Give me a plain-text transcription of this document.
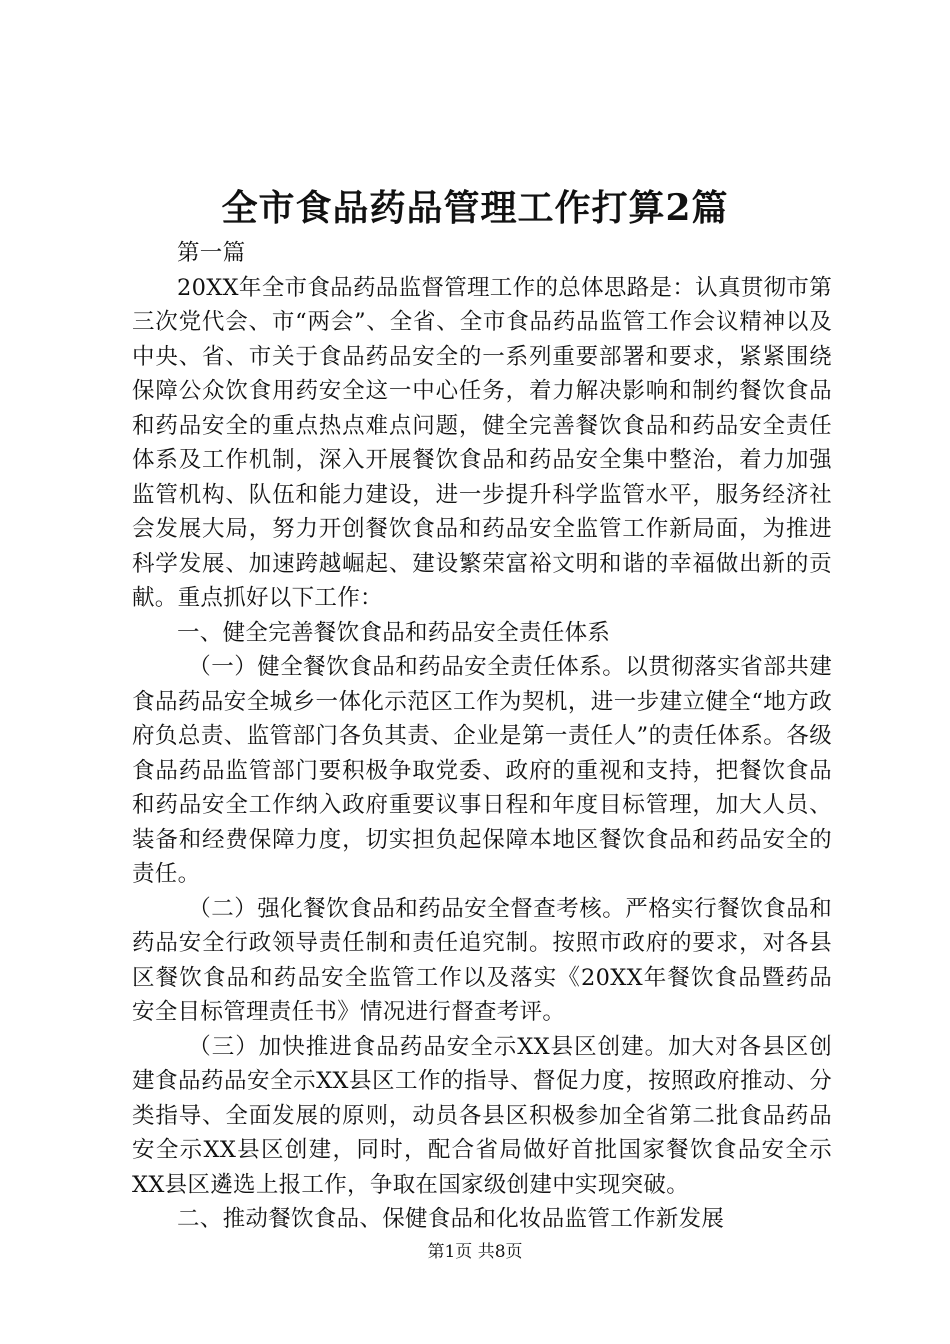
全市食品药品管理工作打算2篇

第一篇

20XX年全市食品药品监督管理工作的总体思路是：认真贯彻市第三次党代会、市“两会”、全省、全市食品药品监管工作会议精神以及中央、省、市关于食品药品安全的一系列重要部署和要求，紧紧围绕保障公众饮食用药安全这一中心任务，着力解决影响和制约餐饮食品和药品安全的重点热点难点问题，健全完善餐饮食品和药品安全责任体系及工作机制，深入开展餐饮食品和药品安全集中整治，着力加强监管机构、队伍和能力建设，进一步提升科学监管水平，服务经济社会发展大局，努力开创餐饮食品和药品安全监管工作新局面，为推进科学发展、加速跨越崛起、建设繁荣富裕文明和谐的幸福做出新的贡献。重点抓好以下工作：

一、健全完善餐饮食品和药品安全责任体系

（一）健全餐饮食品和药品安全责任体系。以贯彻落实省部共建食品药品安全城乡一体化示范区工作为契机，进一步建立健全“地方政府负总责、监管部门各负其责、企业是第一责任人”的责任体系。各级食品药品监管部门要积极争取党委、政府的重视和支持，把餐饮食品和药品安全工作纳入政府重要议事日程和年度目标管理，加大人员、装备和经费保障力度，切实担负起保障本地区餐饮食品和药品安全的责任。

（二）强化餐饮食品和药品安全督查考核。严格实行餐饮食品和药品安全行政领导责任制和责任追究制。按照市政府的要求，对各县区餐饮食品和药品安全监管工作以及落实《20XX年餐饮食品暨药品安全目标管理责任书》情况进行督查考评。

（三）加快推进食品药品安全示XX县区创建。加大对各县区创建食品药品安全示XX县区工作的指导、督促力度，按照政府推动、分类指导、全面发展的原则，动员各县区积极参加全省第二批食品药品安全示XX县区创建，同时，配合省局做好首批国家餐饮食品安全示XX县区遴选上报工作，争取在国家级创建中实现突破。

二、推动餐饮食品、保健食品和化妆品监管工作新发展

第1页 共8页
